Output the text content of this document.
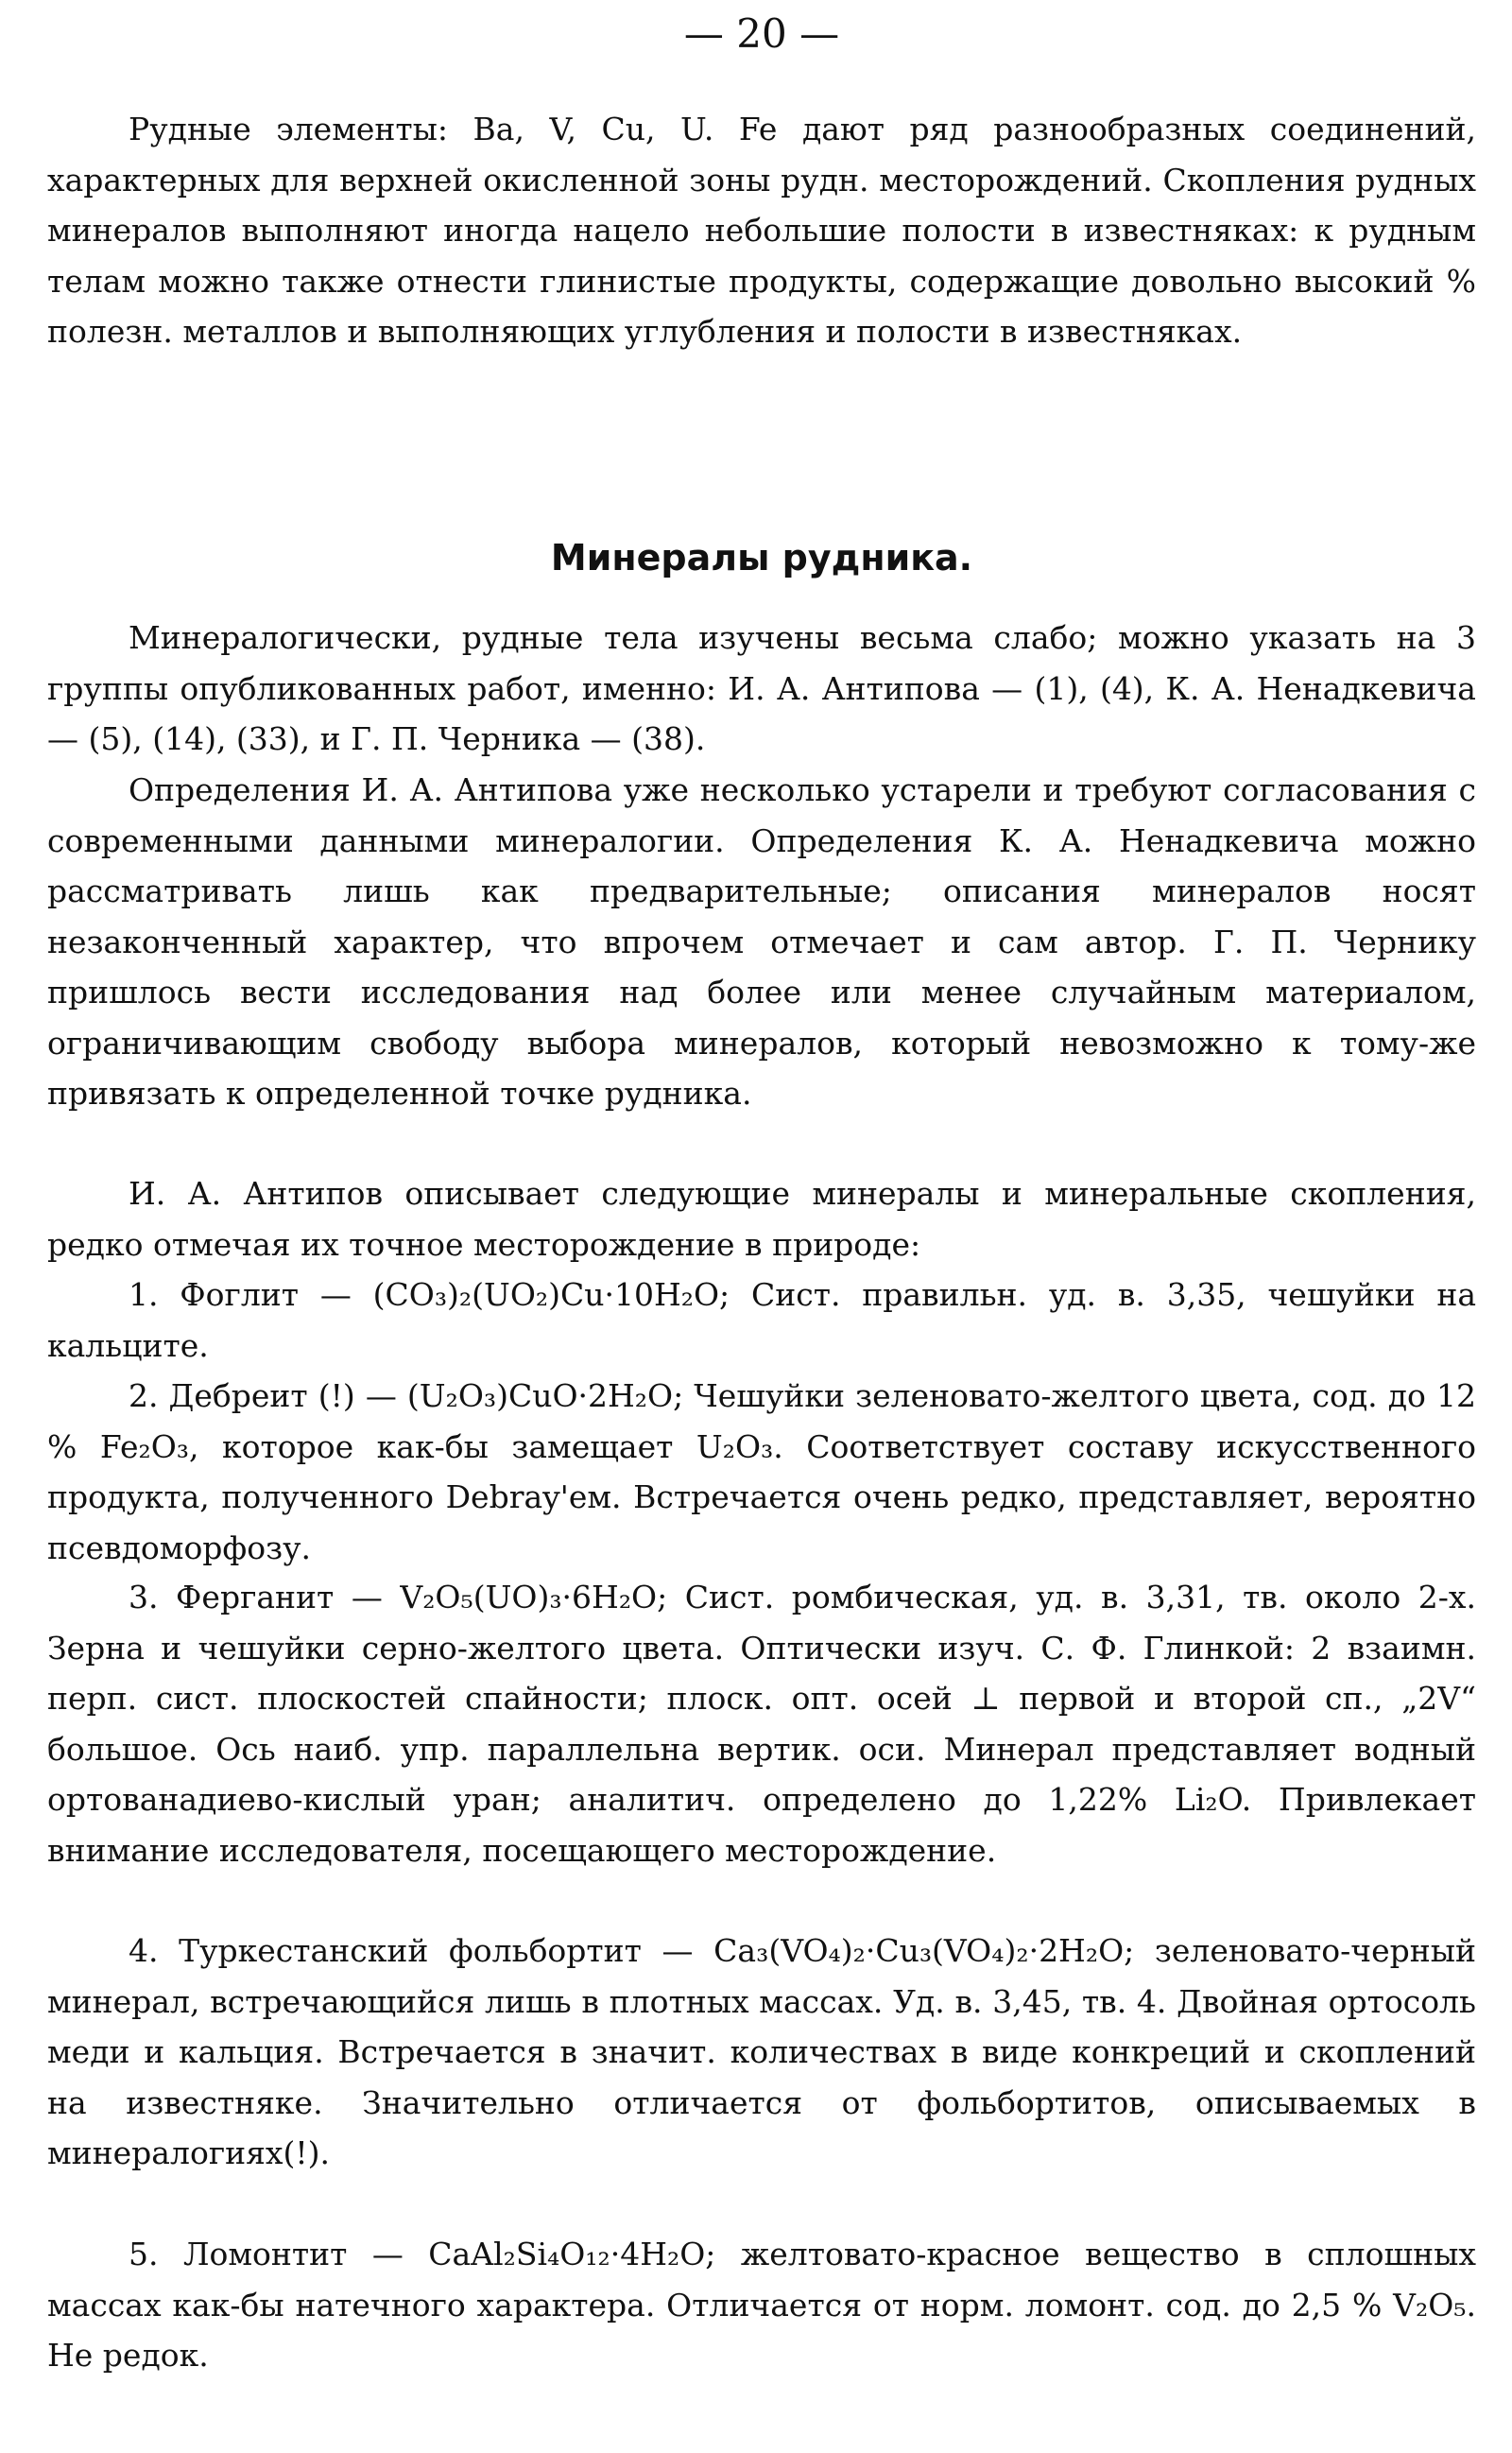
— 20 —

Рудные элементы: Ba, V, Cu, U. Fe дают ряд разнообразных соединений, характерных для верхней окисленной зоны рудн. месторождений. Скопления рудных минералов выполняют иногда нацело небольшие полости в известняках: к рудным телам можно также отнести глинистые продукты, содержащие довольно высокий % полезн. металлов и выполняющих углубления и полости в известняках.

Минералы рудника.

Минералогически, рудные тела изучены весьма слабо; можно указать на 3 группы опубликованных работ, именно: И. А. Антипова — (1), (4), К. А. Ненадкевича — (5), (14), (33), и Г. П. Черника — (38).

Определения И. А. Антипова уже несколько устарели и требуют согласования с современными данными минералогии. Определения К. А. Ненадкевича можно рассматривать лишь как предварительные; описания минералов носят незаконченный характер, что впрочем отмечает и сам автор. Г. П. Чернику пришлось вести исследования над более или менее случайным материалом, ограничивающим свободу выбора минералов, который невозможно к тому-же привязать к определенной точке рудника.

И. А. Антипов описывает следующие минералы и минеральные скопления, редко отмечая их точное месторождение в природе:

1. Фоглит — (CO₃)₂(UO₂)Cu·10H₂O; Сист. правильн. уд. в. 3,35, чешуйки на кальците.

2. Дебреит (!) — (U₂O₃)CuO·2H₂O; Чешуйки зеленовато-желтого цвета, сод. до 12 % Fe₂O₃, которое как-бы замещает U₂O₃. Соответствует составу искусственного продукта, полученного Debray'ем. Встречается очень редко, представляет, вероятно псевдоморфозу.

3. Ферганит — V₂O₅(UO)₃·6H₂O; Сист. ромбическая, уд. в. 3,31, тв. около 2-х. Зерна и чешуйки серно-желтого цвета. Оптически изуч. С. Ф. Глинкой: 2 взаимн. перп. сист. плоскостей спайности; плоск. опт. осей ⊥ первой и второй сп., „2V“ большое. Ось наиб. упр. параллельна вертик. оси. Минерал представляет водный ортованадиево-кислый уран; аналитич. определено до 1,22% Li₂O. Привлекает внимание исследователя, посещающего месторождение.

4. Туркестанский фольбортит — Ca₃(VO₄)₂·Cu₃(VO₄)₂·2H₂O; зеленовато-черный минерал, встречающийся лишь в плотных массах. Уд. в. 3,45, тв. 4. Двойная ортосоль меди и кальция. Встречается в значит. количествах в виде конкреций и скоплений на известняке. Значительно отличается от фольбортитов, описываемых в минералогиях(!).

5. Ломонтит — CaAl₂Si₄O₁₂·4H₂O; желтовато-красное вещество в сплошных массах как-бы натечного характера. Отличается от норм. ломонт. сод. до 2,5 % V₂O₅. Не редок.
